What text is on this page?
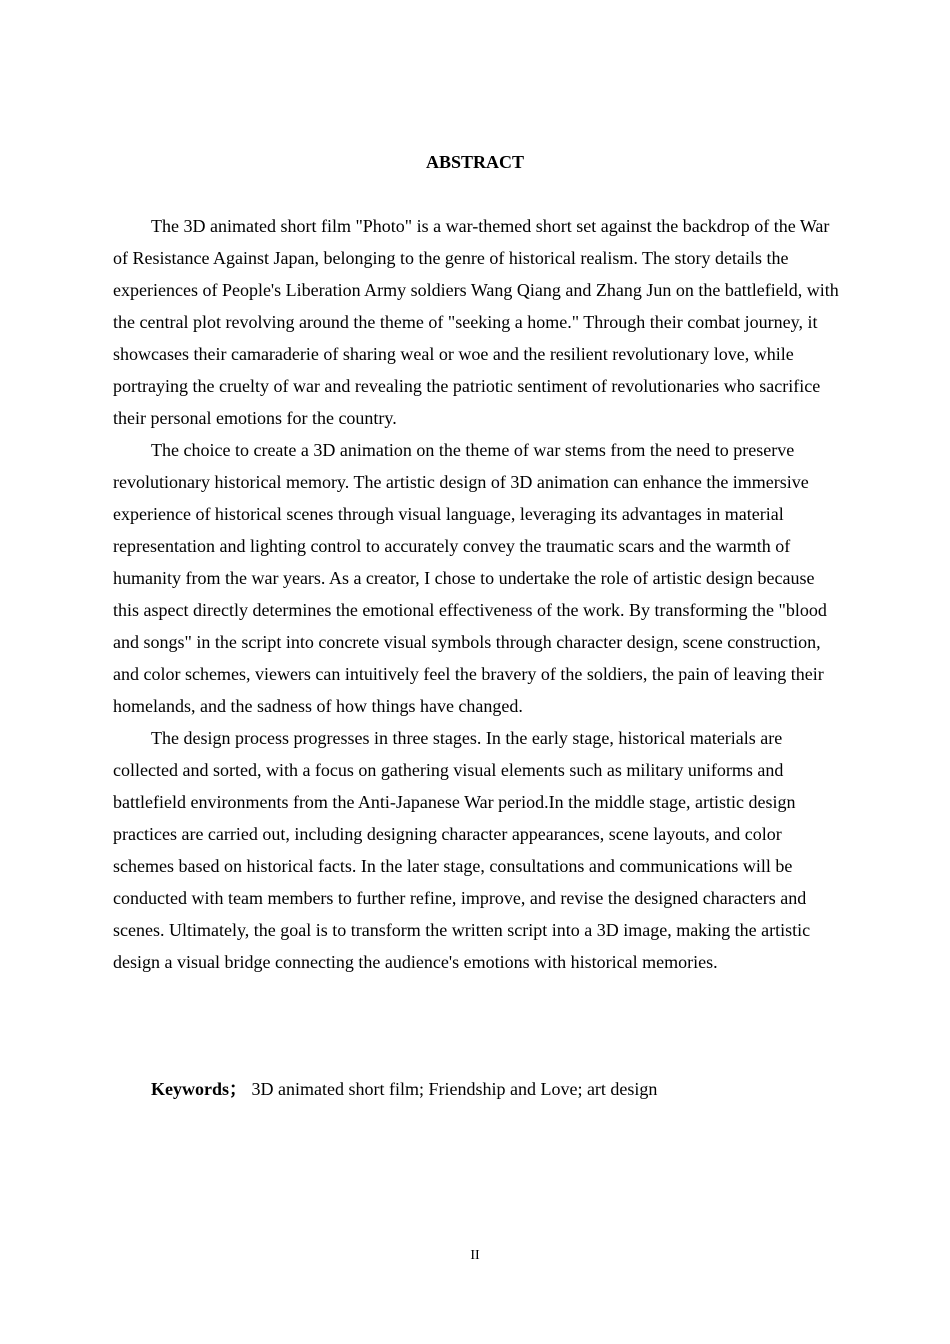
ABSTRACT

The 3D animated short film "Photo" is a war-themed short set against the backdrop of the War of Resistance Against Japan, belonging to the genre of historical realism. The story details the experiences of People's Liberation Army soldiers Wang Qiang and Zhang Jun on the battlefield, with the central plot revolving around the theme of "seeking a home." Through their combat journey, it showcases their camaraderie of sharing weal or woe and the resilient revolutionary love, while portraying the cruelty of war and revealing the patriotic sentiment of revolutionaries who sacrifice their personal emotions for the country.

The choice to create a 3D animation on the theme of war stems from the need to preserve revolutionary historical memory. The artistic design of 3D animation can enhance the immersive experience of historical scenes through visual language, leveraging its advantages in material representation and lighting control to accurately convey the traumatic scars and the warmth of humanity from the war years. As a creator, I chose to undertake the role of artistic design because this aspect directly determines the emotional effectiveness of the work. By transforming the "blood and songs" in the script into concrete visual symbols through character design, scene construction, and color schemes, viewers can intuitively feel the bravery of the soldiers, the pain of leaving their homelands, and the sadness of how things have changed.

The design process progresses in three stages. In the early stage, historical materials are collected and sorted, with a focus on gathering visual elements such as military uniforms and battlefield environments from the Anti-Japanese War period.In the middle stage, artistic design practices are carried out, including designing character appearances, scene layouts, and color schemes based on historical facts. In the later stage, consultations and communications will be conducted with team members to further refine, improve, and revise the designed characters and scenes. Ultimately, the goal is to transform the written script into a 3D image, making the artistic design a visual bridge connecting the audience's emotions with historical memories.

Keywords； 3D animated short film; Friendship and Love; art design

II
